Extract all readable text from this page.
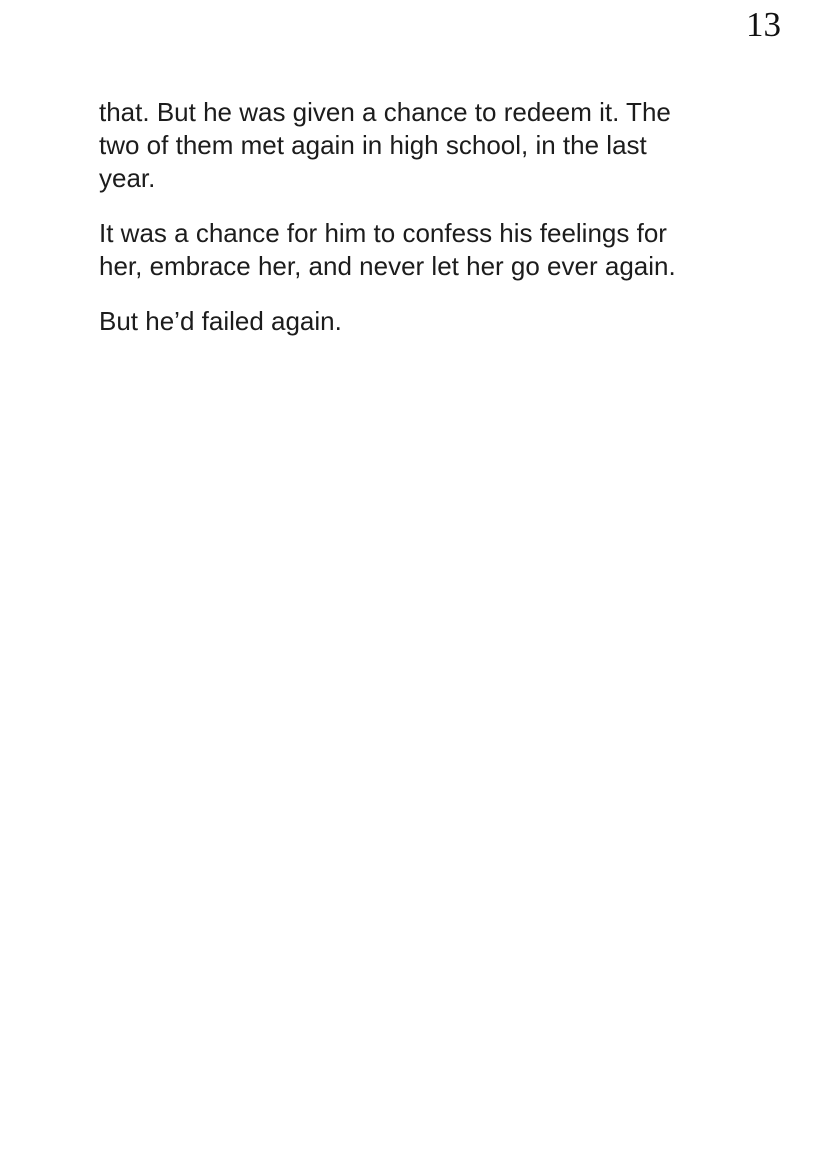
13

that. But he was given a chance to redeem it. The
two of them met again in high school, in the last
year.

It was a chance for him to confess his feelings for
her, embrace her, and never let her go ever again.

But he’d failed again.
